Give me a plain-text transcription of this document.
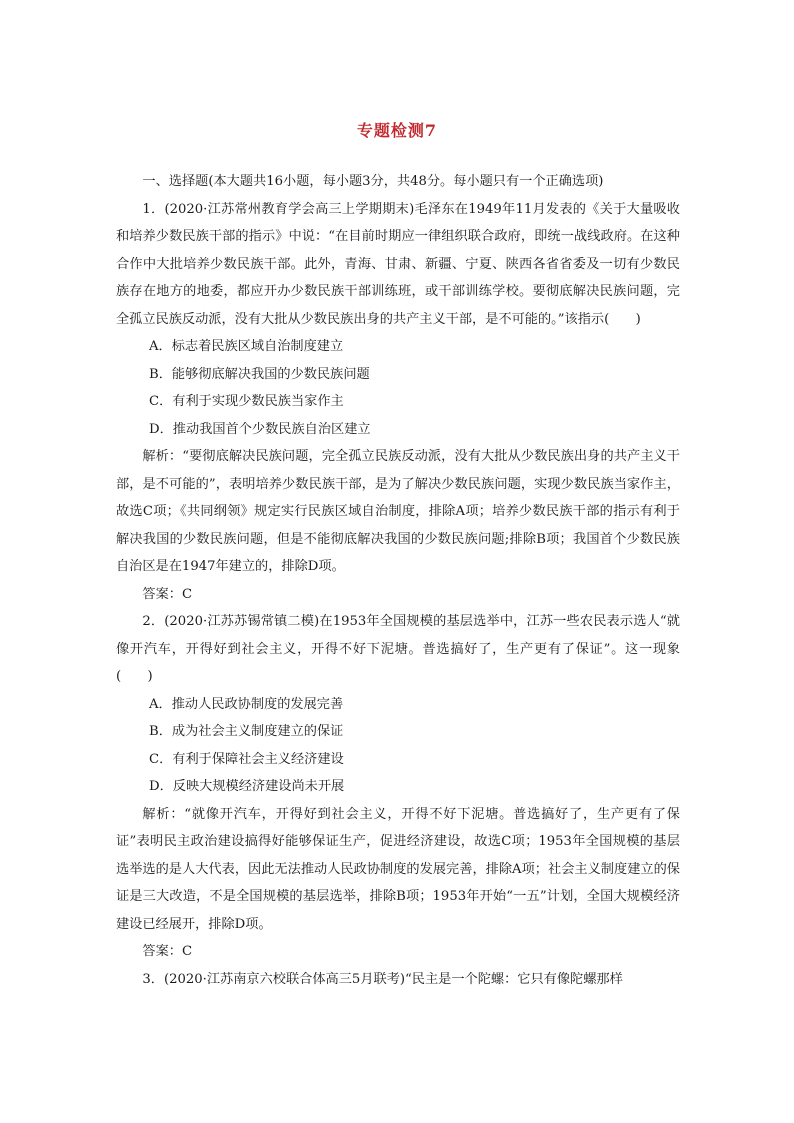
专题检测7

一、选择题(本大题共16小题，每小题3分，共48分。每小题只有一个正确选项)

1．(2020·江苏常州教育学会高三上学期期末)毛泽东在1949年11月发表的《关于大量吸收和培养少数民族干部的指示》中说：“在目前时期应一律组织联合政府，即统一战线政府。在这种合作中大批培养少数民族干部。此外，青海、甘肃、新疆、宁夏、陕西各省省委及一切有少数民族存在地方的地委，都应开办少数民族干部训练班，或干部训练学校。要彻底解决民族问题，完全孤立民族反动派，没有大批从少数民族出身的共产主义干部，是不可能的。”该指示(　　)

A．标志着民族区域自治制度建立

B．能够彻底解决我国的少数民族问题

C．有利于实现少数民族当家作主

D．推动我国首个少数民族自治区建立

解析：“要彻底解决民族问题，完全孤立民族反动派，没有大批从少数民族出身的共产主义干部，是不可能的”，表明培养少数民族干部，是为了解决少数民族问题，实现少数民族当家作主，故选C项；《共同纲领》规定实行民族区域自治制度，排除A项；培养少数民族干部的指示有利于解决我国的少数民族问题，但是不能彻底解决我国的少数民族问题;排除B项；我国首个少数民族自治区是在1947年建立的，排除D项。

答案：C

2．(2020·江苏苏锡常镇二模)在1953年全国规模的基层选举中，江苏一些农民表示选人“就像开汽车，开得好到社会主义，开得不好下泥塘。普选搞好了，生产更有了保证”。这一现象(　　)

A．推动人民政协制度的发展完善

B．成为社会主义制度建立的保证

C．有利于保障社会主义经济建设

D．反映大规模经济建设尚未开展

解析：“就像开汽车，开得好到社会主义，开得不好下泥塘。普选搞好了，生产更有了保证”表明民主政治建设搞得好能够保证生产，促进经济建设，故选C项；1953年全国规模的基层选举选的是人大代表，因此无法推动人民政协制度的发展完善，排除A项；社会主义制度建立的保证是三大改造，不是全国规模的基层选举，排除B项；1953年开始“一五”计划，全国大规模经济建设已经展开，排除D项。

答案：C

3．(2020·江苏南京六校联合体高三5月联考)“民主是一个陀螺：它只有像陀螺那样
